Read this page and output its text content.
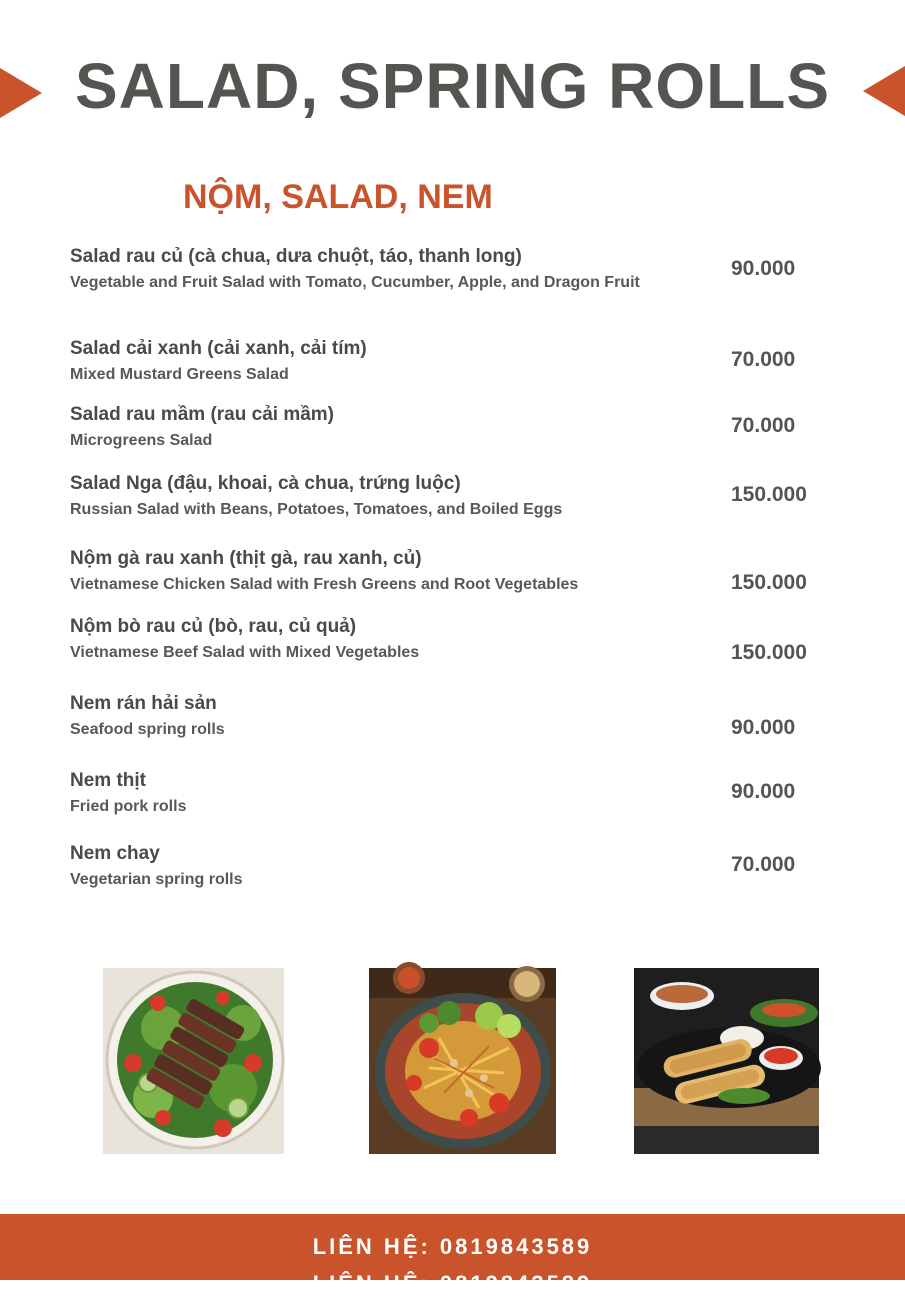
SALAD, SPRING ROLLS
NỘM, SALAD, NEM
Salad rau củ (cà chua, dưa chuột, táo, thanh long)
Vegetable and Fruit Salad with Tomato, Cucumber, Apple, and Dragon Fruit
90.000
Salad cải xanh (cải xanh, cải tím)
Mixed Mustard Greens Salad
70.000
Salad rau mầm (rau cải mầm)
Microgreens Salad
70.000
Salad Nga (đậu, khoai, cà chua, trứng luộc)
Russian Salad with Beans, Potatoes, Tomatoes, and Boiled Eggs
150.000
Nộm gà rau xanh (thịt gà, rau xanh, củ)
Vietnamese Chicken Salad with Fresh Greens and Root Vegetables	150.000
Nộm bò rau củ (bò, rau, củ quả)
Vietnamese Beef Salad with Mixed Vegetables	150.000
Nem rán hải sản
Seafood spring rolls	90.000
Nem thịt
Fried pork rolls
90.000
Nem chay
Vegetarian spring rolls
70.000
LIÊN HỆ: 0819843589
LIÊN HỆ: 0819843589
